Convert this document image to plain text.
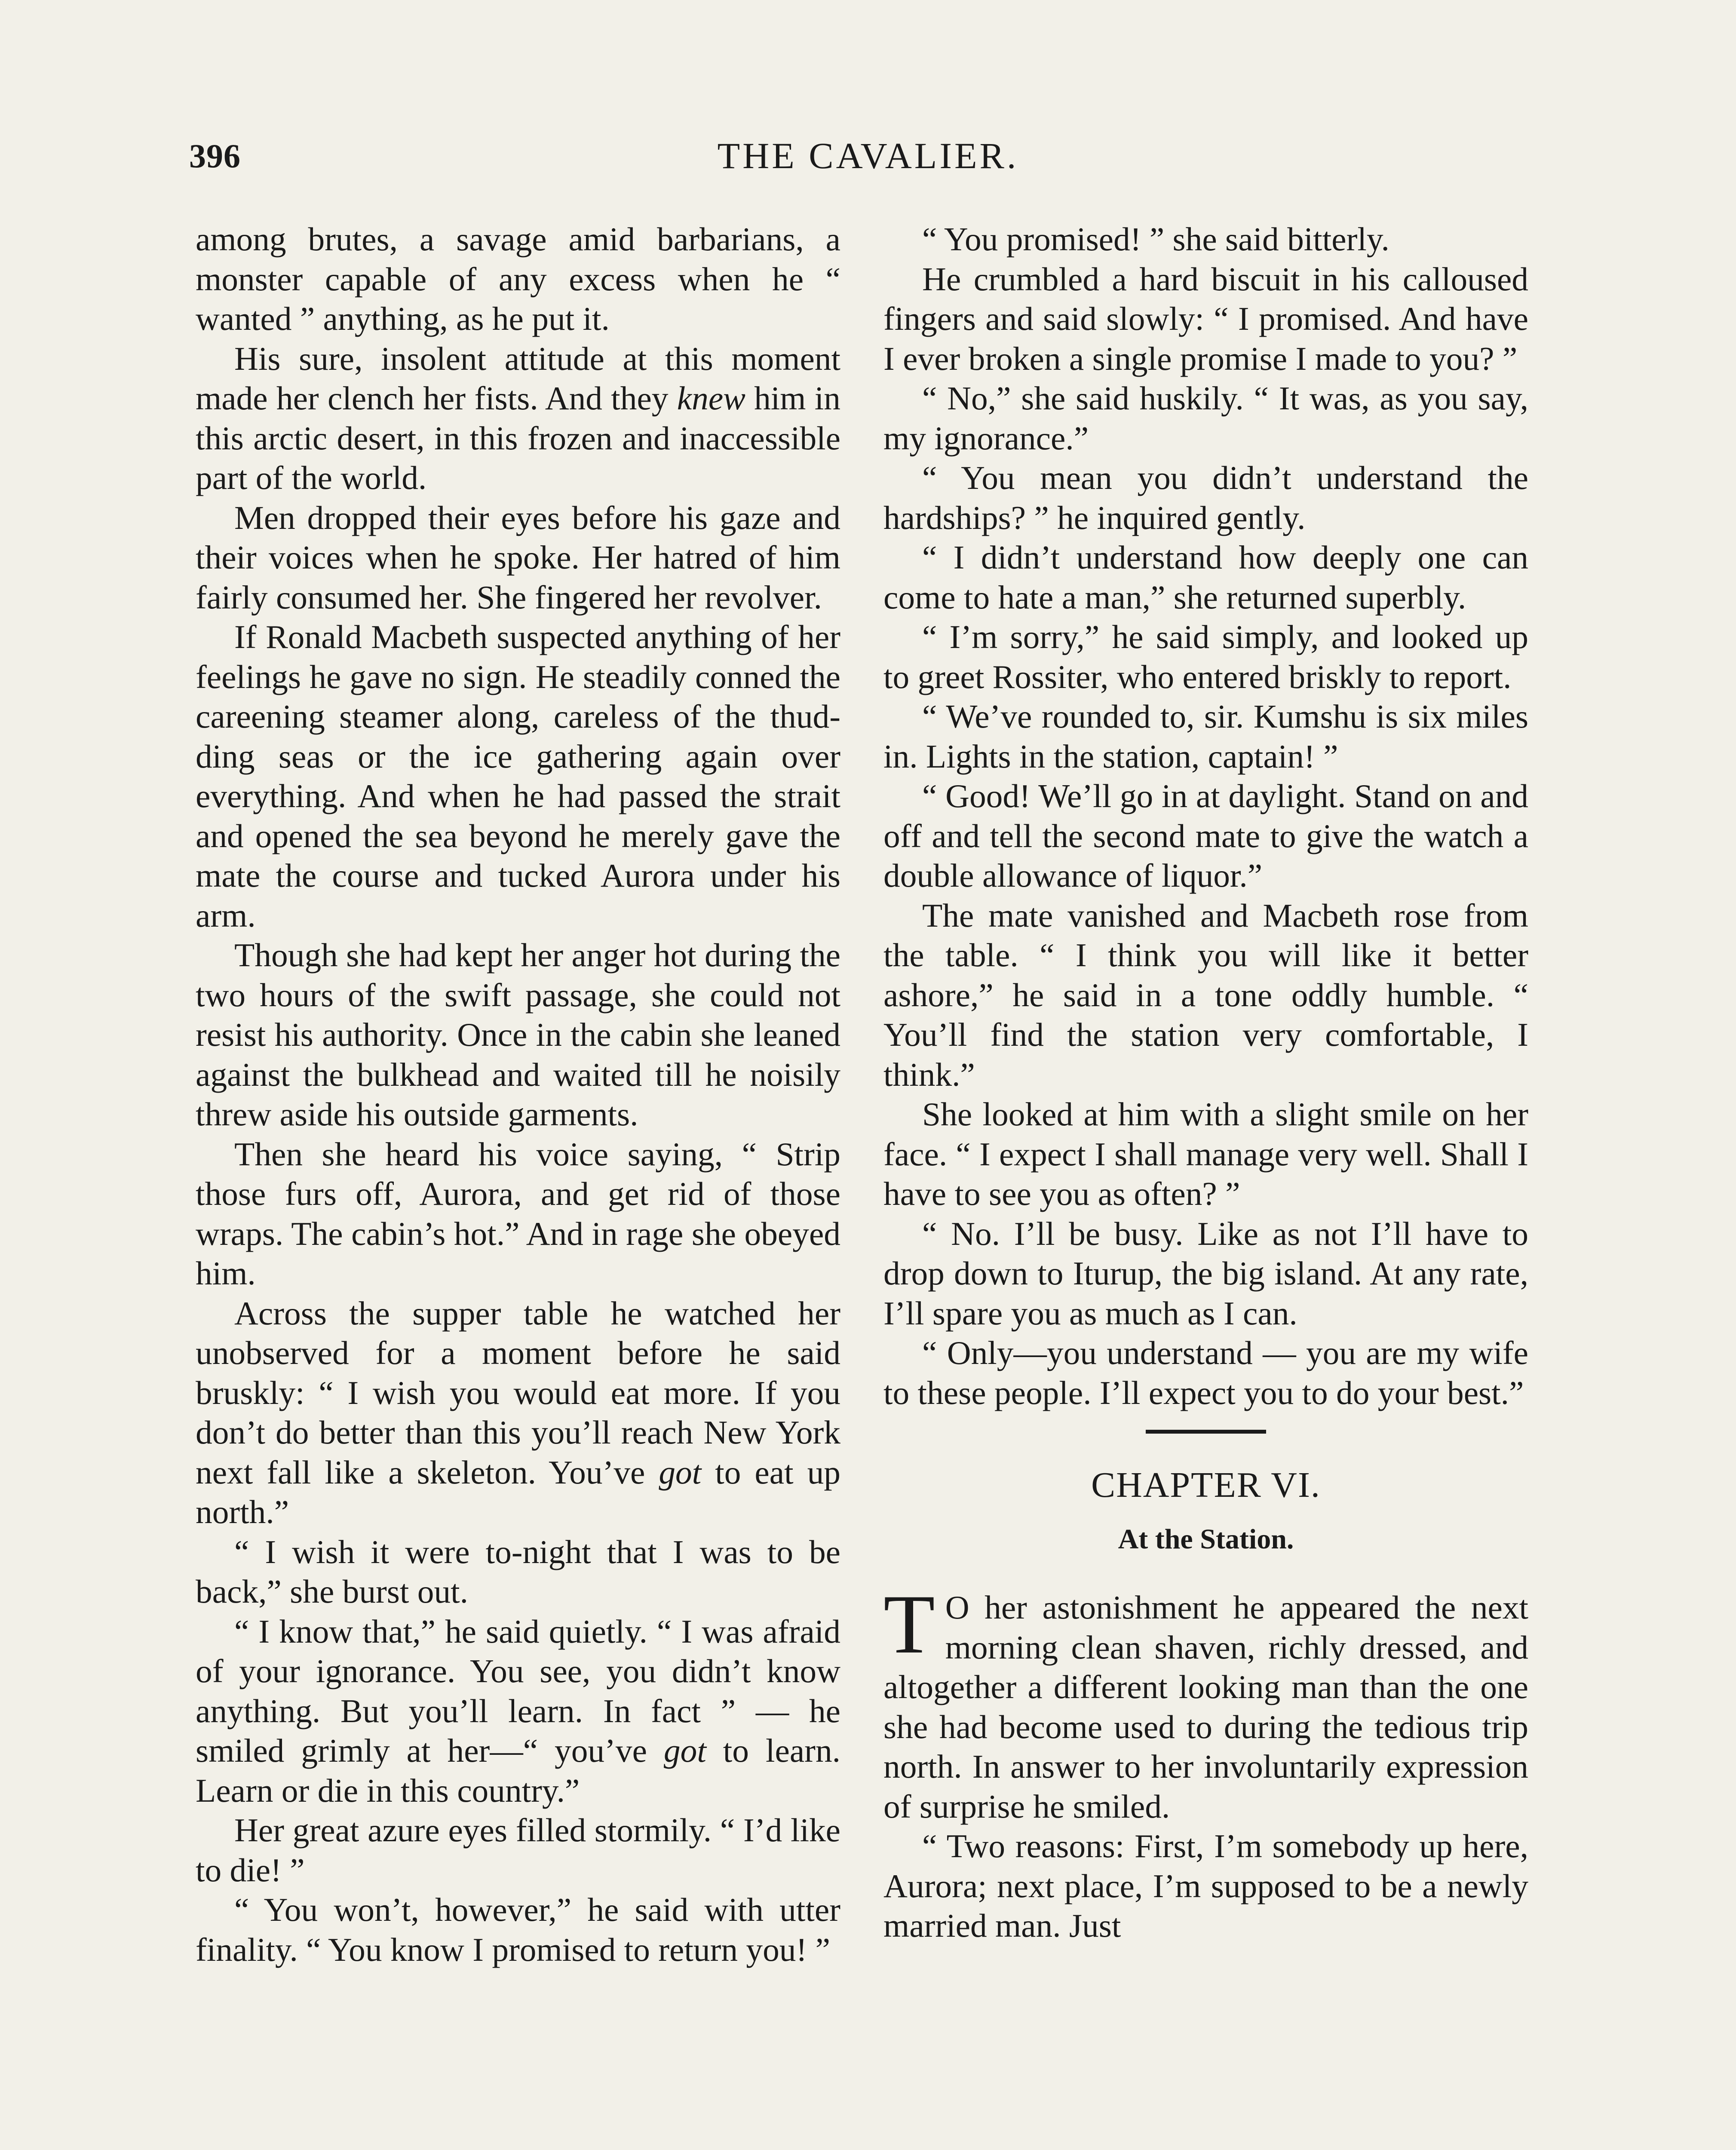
396	THE CAVALIER.

among brutes, a savage amid barbarians, a monster capable of any excess when he “ wanted ” anything, as he put it.

His sure, insolent attitude at this moment made her clench her fists. And they knew him in this arctic desert, in this frozen and inaccessible part of the world.

Men dropped their eyes before his gaze and their voices when he spoke. Her hatred of him fairly consumed her. She fingered her revolver.

If Ronald Macbeth suspected anything of her feelings he gave no sign. He steadily conned the careening steamer along, careless of the thudding seas or the ice gathering again over everything. And when he had passed the strait and opened the sea beyond he merely gave the mate the course and tucked Aurora under his arm.

Though she had kept her anger hot during the two hours of the swift passage, she could not resist his authority. Once in the cabin she leaned against the bulkhead and waited till he noisily threw aside his outside garments.

Then she heard his voice saying, “ Strip those furs off, Aurora, and get rid of those wraps. The cabin’s hot.” And in rage she obeyed him.

Across the supper table he watched her unobserved for a moment before he said bruskly: “ I wish you would eat more. If you don’t do better than this you’ll reach New York next fall like a skeleton. You’ve got to eat up north.”

“ I wish it were to-night that I was to be back,” she burst out.

“ I know that,” he said quietly. “ I was afraid of your ignorance. You see, you didn’t know anything. But you’ll learn. In fact ” — he smiled grimly at her—“ you’ve got to learn. Learn or die in this country.”

Her great azure eyes filled stormily. “ I’d like to die! ”

“ You won’t, however,” he said with utter finality. “ You know I promised to return you! ”

“ You promised! ” she said bitterly.

He crumbled a hard biscuit in his calloused fingers and said slowly: “ I promised. And have I ever broken a single promise I made to you? ”

“ No,” she said huskily. “ It was, as you say, my ignorance.”

“ You mean you didn’t understand the hardships? ” he inquired gently.

“ I didn’t understand how deeply one can come to hate a man,” she returned superbly.

“ I’m sorry,” he said simply, and looked up to greet Rossiter, who entered briskly to report.

“ We’ve rounded to, sir. Kumshu is six miles in. Lights in the station, captain! ”

“ Good! We’ll go in at daylight. Stand on and off and tell the second mate to give the watch a double allowance of liquor.”

The mate vanished and Macbeth rose from the table. “ I think you will like it better ashore,” he said in a tone oddly humble. “ You’ll find the station very comfortable, I think.”

She looked at him with a slight smile on her face. “ I expect I shall manage very well. Shall I have to see you as often? ”

“ No. I’ll be busy. Like as not I’ll have to drop down to Iturup, the big island. At any rate, I’ll spare you as much as I can.

“ Only—you understand — you are my wife to these people. I’ll expect you to do your best.”

CHAPTER VI.
At the Station.

T O her astonishment he appeared the next morning clean shaven, richly dressed, and altogether a different looking man than the one she had become used to during the tedious trip north. In answer to her involuntarily expression of surprise he smiled.

“ Two reasons: First, I’m somebody up here, Aurora; next place, I’m supposed to be a newly married man. Just
